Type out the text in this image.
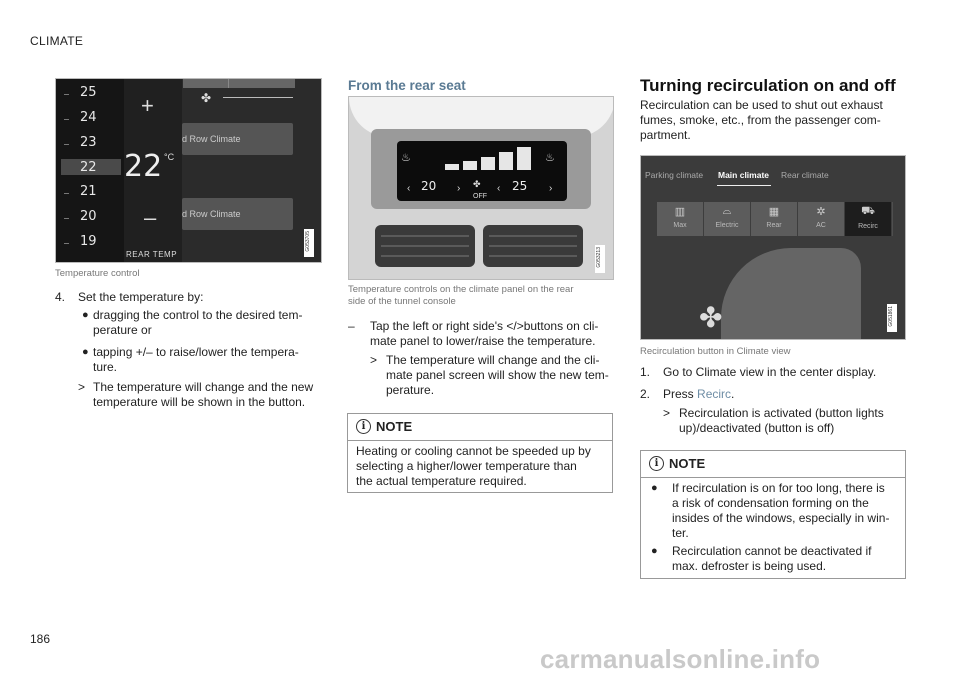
CLIMATE
25
24
23
22
21
20
19
+
22 °C
–
REAR TEMP
✤
d Row Climate
d Row Climate
G053705
Temperature control
4. Set the temperature by:
● dragging the control to the desired tem-
perature or
● tapping +/– to raise/lower the tempera-
ture.
> The temperature will change and the new
temperature will be shown in the button.
From the rear seat
♨	♨
‹ 20 › ✤
OFF
‹ 25 ›
G053213
Temperature controls on the climate panel on the rear
side of the tunnel console
– Tap the left or right side's </>buttons on cli-
mate panel to lower/raise the temperature.
> The temperature will change and the cli-
mate panel screen will show the new tem-
perature.
i NOTE
Heating or cooling cannot be speeded up by
selecting a higher/lower temperature than
the actual temperature required.
Turning recirculation on and off
Recirculation can be used to shut out exhaust
fumes, smoke, etc., from the passenger com-
partment.
Parking climate Main climate Rear climate
▥
Max
⌓
Electric
▦
Rear
✲
AC
⛟
Recirc
✤	G051861
Recirculation button in Climate view
1. Go to Climate view in the center display.
2. Press Recirc.
> Recirculation is activated (button lights
up)/deactivated (button is off)
i NOTE
● If recirculation is on for too long, there is
a risk of condensation forming on the
insides of the windows, especially in win-
ter.
● Recirculation cannot be deactivated if
max. defroster is being used.
186
carmanualsonline.info
